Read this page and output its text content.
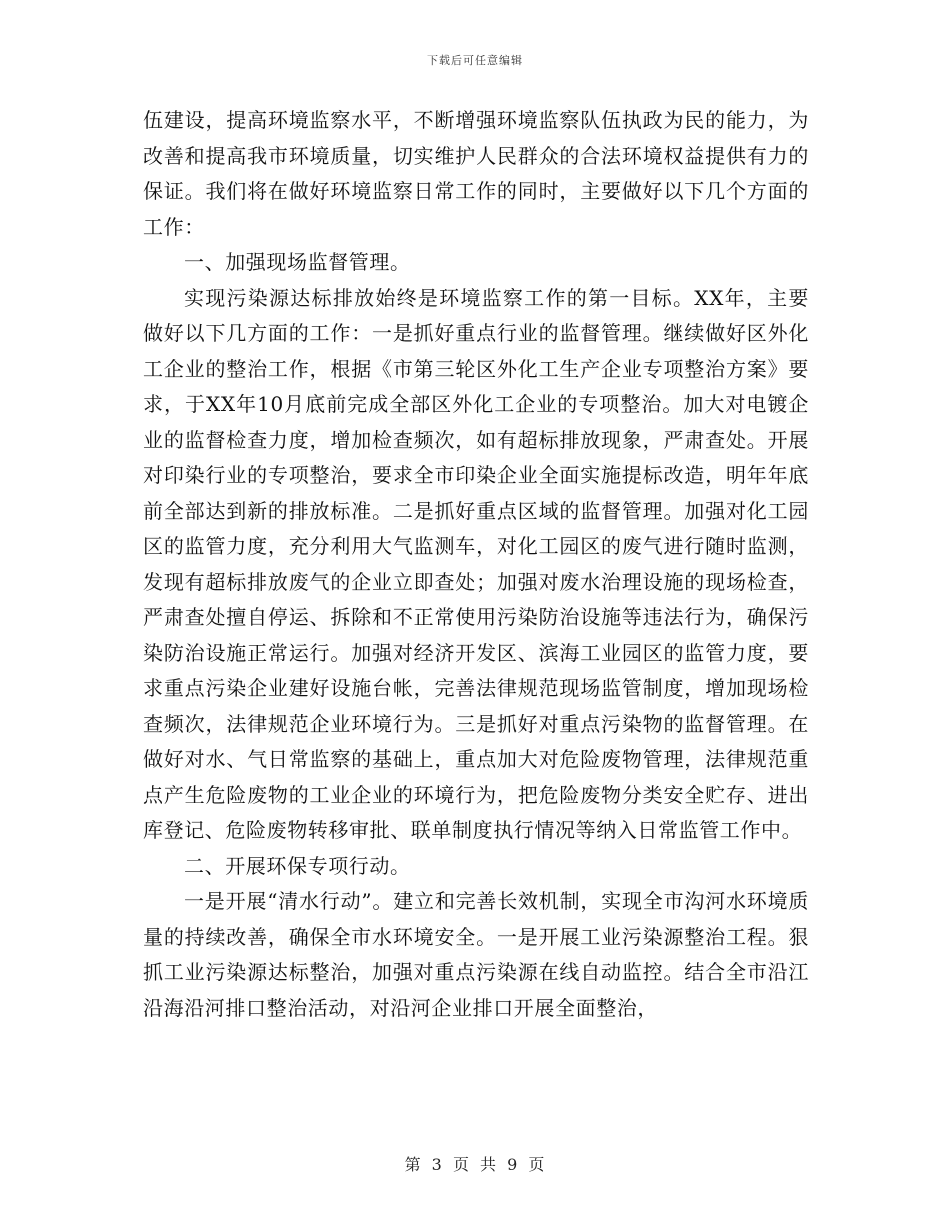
下载后可任意编辑

伍建设，提高环境监察水平，不断增强环境监察队伍执政为民的能力，为改善和提高我市环境质量，切实维护人民群众的合法环境权益提供有力的保证。我们将在做好环境监察日常工作的同时，主要做好以下几个方面的工作：

一、加强现场监督管理。

实现污染源达标排放始终是环境监察工作的第一目标。XX年，主要做好以下几方面的工作：一是抓好重点行业的监督管理。继续做好区外化工企业的整治工作，根据《市第三轮区外化工生产企业专项整治方案》要求，于XX年10月底前完成全部区外化工企业的专项整治。加大对电镀企业的监督检查力度，增加检查频次，如有超标排放现象，严肃查处。开展对印染行业的专项整治，要求全市印染企业全面实施提标改造，明年年底前全部达到新的排放标准。二是抓好重点区域的监督管理。加强对化工园区的监管力度，充分利用大气监测车，对化工园区的废气进行随时监测，发现有超标排放废气的企业立即查处；加强对废水治理设施的现场检查，严肃查处擅自停运、拆除和不正常使用污染防治设施等违法行为，确保污染防治设施正常运行。加强对经济开发区、滨海工业园区的监管力度，要求重点污染企业建好设施台帐，完善法律规范现场监管制度，增加现场检查频次，法律规范企业环境行为。三是抓好对重点污染物的监督管理。在做好对水、气日常监察的基础上，重点加大对危险废物管理，法律规范重点产生危险废物的工业企业的环境行为，把危险废物分类安全贮存、进出库登记、危险废物转移审批、联单制度执行情况等纳入日常监管工作中。

二、开展环保专项行动。

一是开展“清水行动”。建立和完善长效机制，实现全市沟河水环境质量的持续改善，确保全市水环境安全。一是开展工业污染源整治工程。狠抓工业污染源达标整治，加强对重点污染源在线自动监控。结合全市沿江沿海沿河排口整治活动，对沿河企业排口开展全面整治，

第 3 页 共 9 页
